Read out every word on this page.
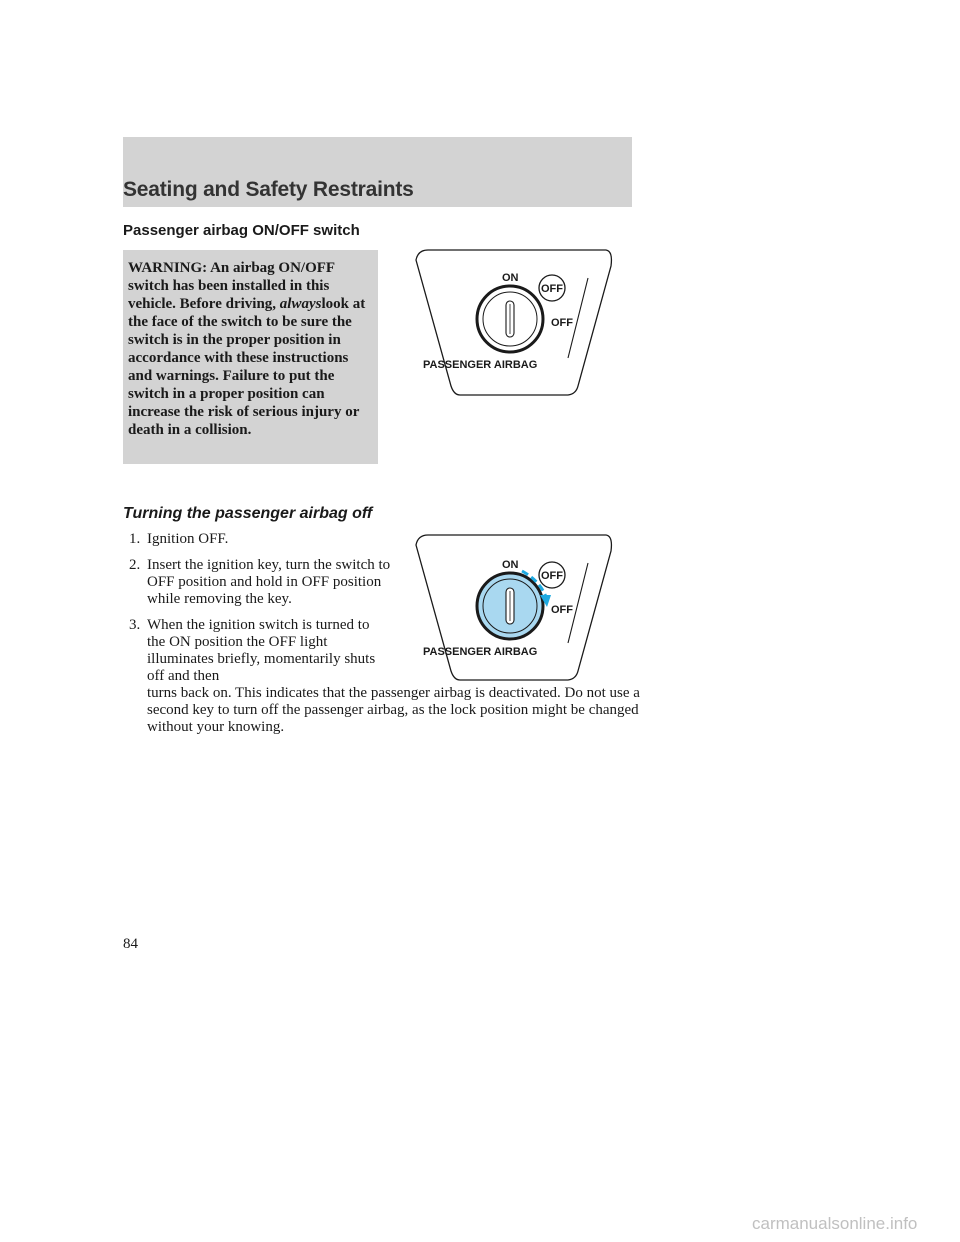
Seating and Safety Restraints
Passenger airbag ON/OFF switch

WARNING: An airbag ON/OFF switch has been installed in this vehicle. Before driving, alwayslook at the face of the switch to be sure the switch is in the proper position in accordance with these instructions and warnings. Failure to put the switch in a proper position can increase the risk of serious injury or death in a collision.

ON
OFF
OFF
PASSENGER AIRBAG
Turning the passenger airbag off
ON
OFF
OFF
PASSENGER AIRBAG

1. Ignition OFF.

2. Insert the ignition key, turn the switch to OFF position and hold in OFF position while removing the key.

3. When the ignition switch is turned to the ON position the OFF light illuminates briefly, momentarily shuts off and then
turns back on. This indicates that the passenger airbag is deactivated. Do not use a second key to turn off the passenger airbag, as the lock position might be changed without your knowing.

84
carmanualsonline.info
